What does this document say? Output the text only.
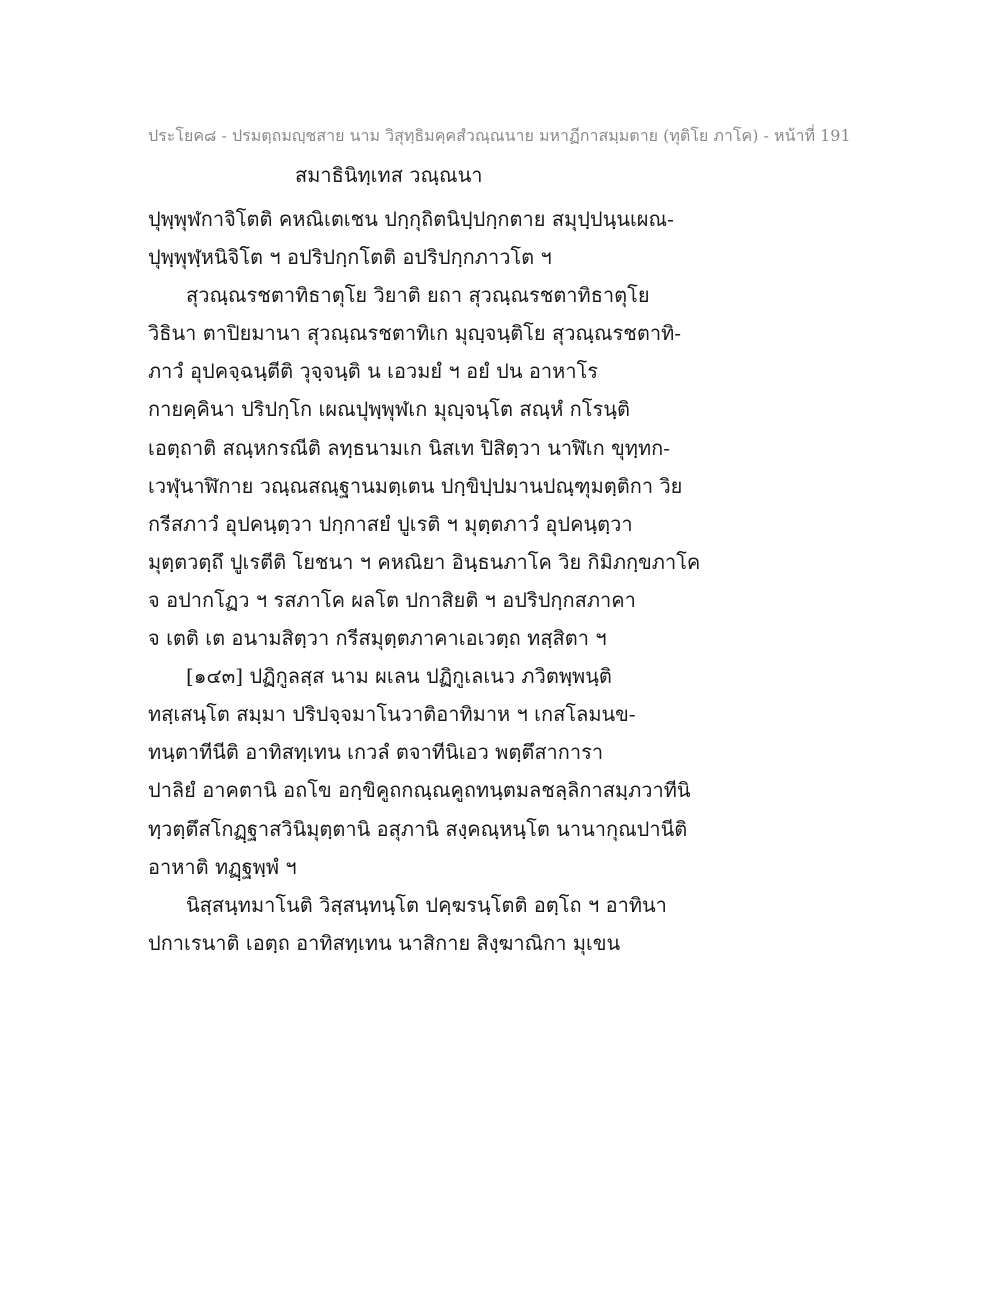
ประโยค๘ - ปรมตฺถมญฺชสาย นาม วิสุทฺธิมคฺคสํวณฺณนาย มหาฏีกาสมฺมตาย (ทุติโย ภาโค) - หน้าที่ 191
สมาธินิทฺเทส วณฺณนา
ปุพฺพุฬกาจิโตติ คหณิเตเชน ปกฺกุถิตนิปฺปกฺกตาย สมุปฺปนฺนเผณ-
ปุพฺพุฬฺหนิจิโต ฯ อปริปกฺกโตติ อปริปกฺกภาวโต ฯ
สุวณฺณรชตาทิธาตุโย วิยาติ ยถา สุวณฺณรชตาทิธาตุโย
วิธินา ตาปิยมานา สุวณฺณรชตาทิเก มุญฺจนฺติโย สุวณฺณรชตาทิ-
ภาวํ อุปคจฺฉนฺตีติ วุจฺจนฺติ น เอวมยํ ฯ อยํ ปน อาหาโร
กายคฺคินา ปริปกฺโก เผณปุพฺพุฬเก มุญฺจนฺโต สณฺหํ กโรนฺติ
เอตฺถาติ สณฺหกรณีติ ลทฺธนามเก นิสเท ปิสิตฺวา นาฬิเก ขุทฺทก-
เวฬุนาฬิกาย วณฺณสณฺฐานมตฺเตน ปกฺขิปฺปมานปณฺฑุมตฺติกา วิย
กรีสภาวํ อุปคนฺตฺวา ปกฺกาสยํ ปูเรติ ฯ มุตฺตภาวํ อุปคนฺตฺวา
มุตฺตวตฺถึ ปูเรตีติ โยชนา ฯ คหณิยา อินฺธนภาโค วิย กิมิภกฺขภาโค
จ อปากโฏว ฯ รสภาโค ผลโต ปกาสิยติ ฯ อปริปกฺกสภาคา
จ เตติ เต อนามสิตฺวา กรีสมุตฺตภาคาเอเวตฺถ ทสฺสิตา ฯ
[๑๔๓] ปฏิกูลสฺส นาม ผเลน ปฏิกูเลเนว ภวิตพฺพนฺติ
ทสฺเสนฺโต สมฺมา ปริปจฺจมาโนวาติอาทิมาห ฯ เกสโลมนข-
ทนฺตาทีนีติ อาทิสทฺเทน เกวลํ ตจาทีนิเอว พตฺตึสาการา
ปาลิยํ อาคตานิ อถโข อกฺขิคูถกณฺณคูถทนฺตมลชลฺลิกาสมฺภวาทีนิ
ทฺวตฺตึสโกฏฺฐาสวินิมุตฺตานิ อสุภานิ สงฺคณฺหนฺโต นานากุณปานีติ
อาหาติ ทฏฺฐพฺพํ ฯ
นิสฺสนฺทมาโนติ วิสฺสนฺทนฺโต ปคฺฆรนฺโตติ อตฺโถ ฯ อาทินา
ปกาเรนาติ เอตฺถ อาทิสทฺเทน นาสิกาย สิงฺฆาณิกา มุเขน
